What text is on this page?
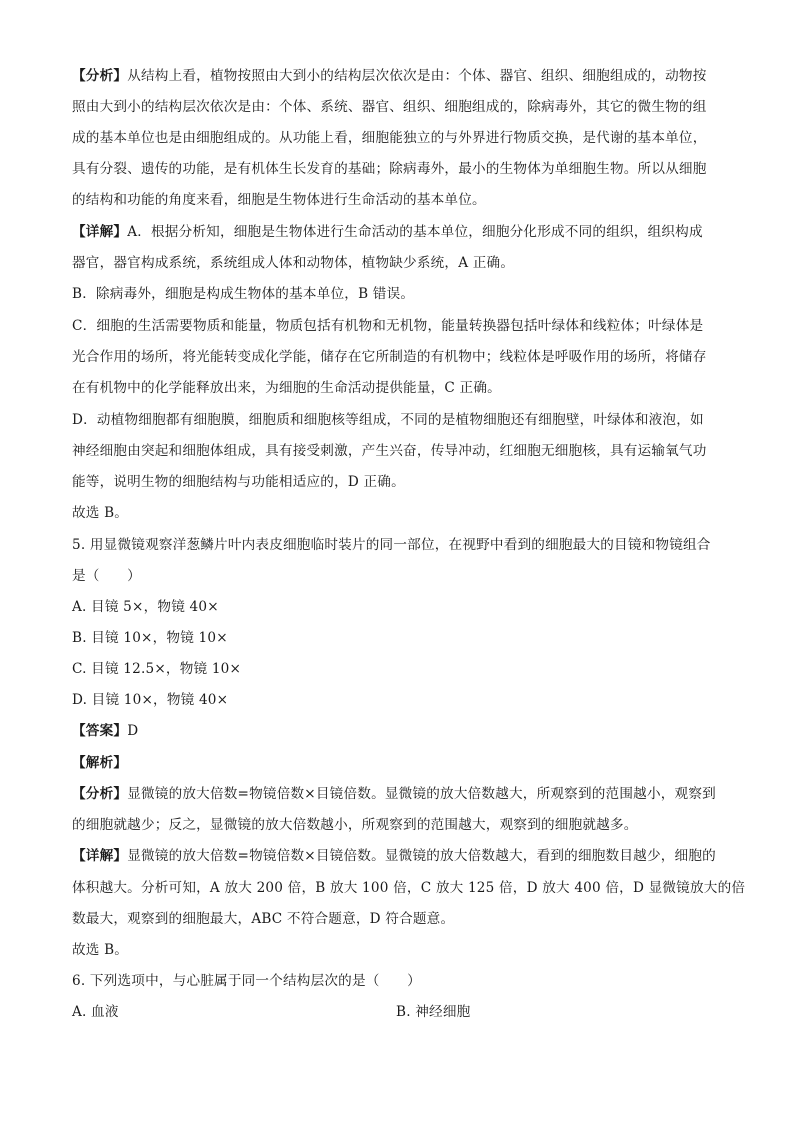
【分析】从结构上看，植物按照由大到小的结构层次依次是由：个体、器官、组织、细胞组成的，动物按
照由大到小的结构层次依次是由：个体、系统、器官、组织、细胞组成的，除病毒外，其它的微生物的组
成的基本单位也是由细胞组成的。从功能上看，细胞能独立的与外界进行物质交换，是代谢的基本单位，
具有分裂、遗传的功能，是有机体生长发育的基础；除病毒外，最小的生物体为单细胞生物。所以从细胞
的结构和功能的角度来看，细胞是生物体进行生命活动的基本单位。
【详解】A．根据分析知，细胞是生物体进行生命活动的基本单位，细胞分化形成不同的组织，组织构成
器官，器官构成系统，系统组成人体和动物体，植物缺少系统，A 正确。
B．除病毒外，细胞是构成生物体的基本单位，B 错误。
C．细胞的生活需要物质和能量，物质包括有机物和无机物，能量转换器包括叶绿体和线粒体；叶绿体是
光合作用的场所，将光能转变成化学能，储存在它所制造的有机物中；线粒体是呼吸作用的场所，将储存
在有机物中的化学能释放出来，为细胞的生命活动提供能量，C 正确。
D．动植物细胞都有细胞膜，细胞质和细胞核等组成，不同的是植物细胞还有细胞壁，叶绿体和液泡，如
神经细胞由突起和细胞体组成，具有接受刺激，产生兴奋，传导冲动，红细胞无细胞核，具有运输氧气功
能等，说明生物的细胞结构与功能相适应的，D 正确。
故选 B。
5. 用显微镜观察洋葱鳞片叶内表皮细胞临时装片的同一部位，在视野中看到的细胞最大的目镜和物镜组合
是（　　）
A. 目镜 5×，物镜 40×
B. 目镜 10×，物镜 10×
C. 目镜 12.5×，物镜 10×
D. 目镜 10×，物镜 40×
【答案】D
【解析】
【分析】显微镜的放大倍数=物镜倍数×目镜倍数。显微镜的放大倍数越大，所观察到的范围越小，观察到
的细胞就越少；反之，显微镜的放大倍数越小，所观察到的范围越大，观察到的细胞就越多。
【详解】显微镜的放大倍数=物镜倍数×目镜倍数。显微镜的放大倍数越大，看到的细胞数目越少，细胞的
体积越大。分析可知，A 放大 200 倍，B 放大 100 倍，C 放大 125 倍，D 放大 400 倍，D 显微镜放大的倍
数最大，观察到的细胞最大，ABC 不符合题意，D 符合题意。
故选 B。
6. 下列选项中，与心脏属于同一个结构层次的是（　　）
A. 血液	B. 神经细胞
